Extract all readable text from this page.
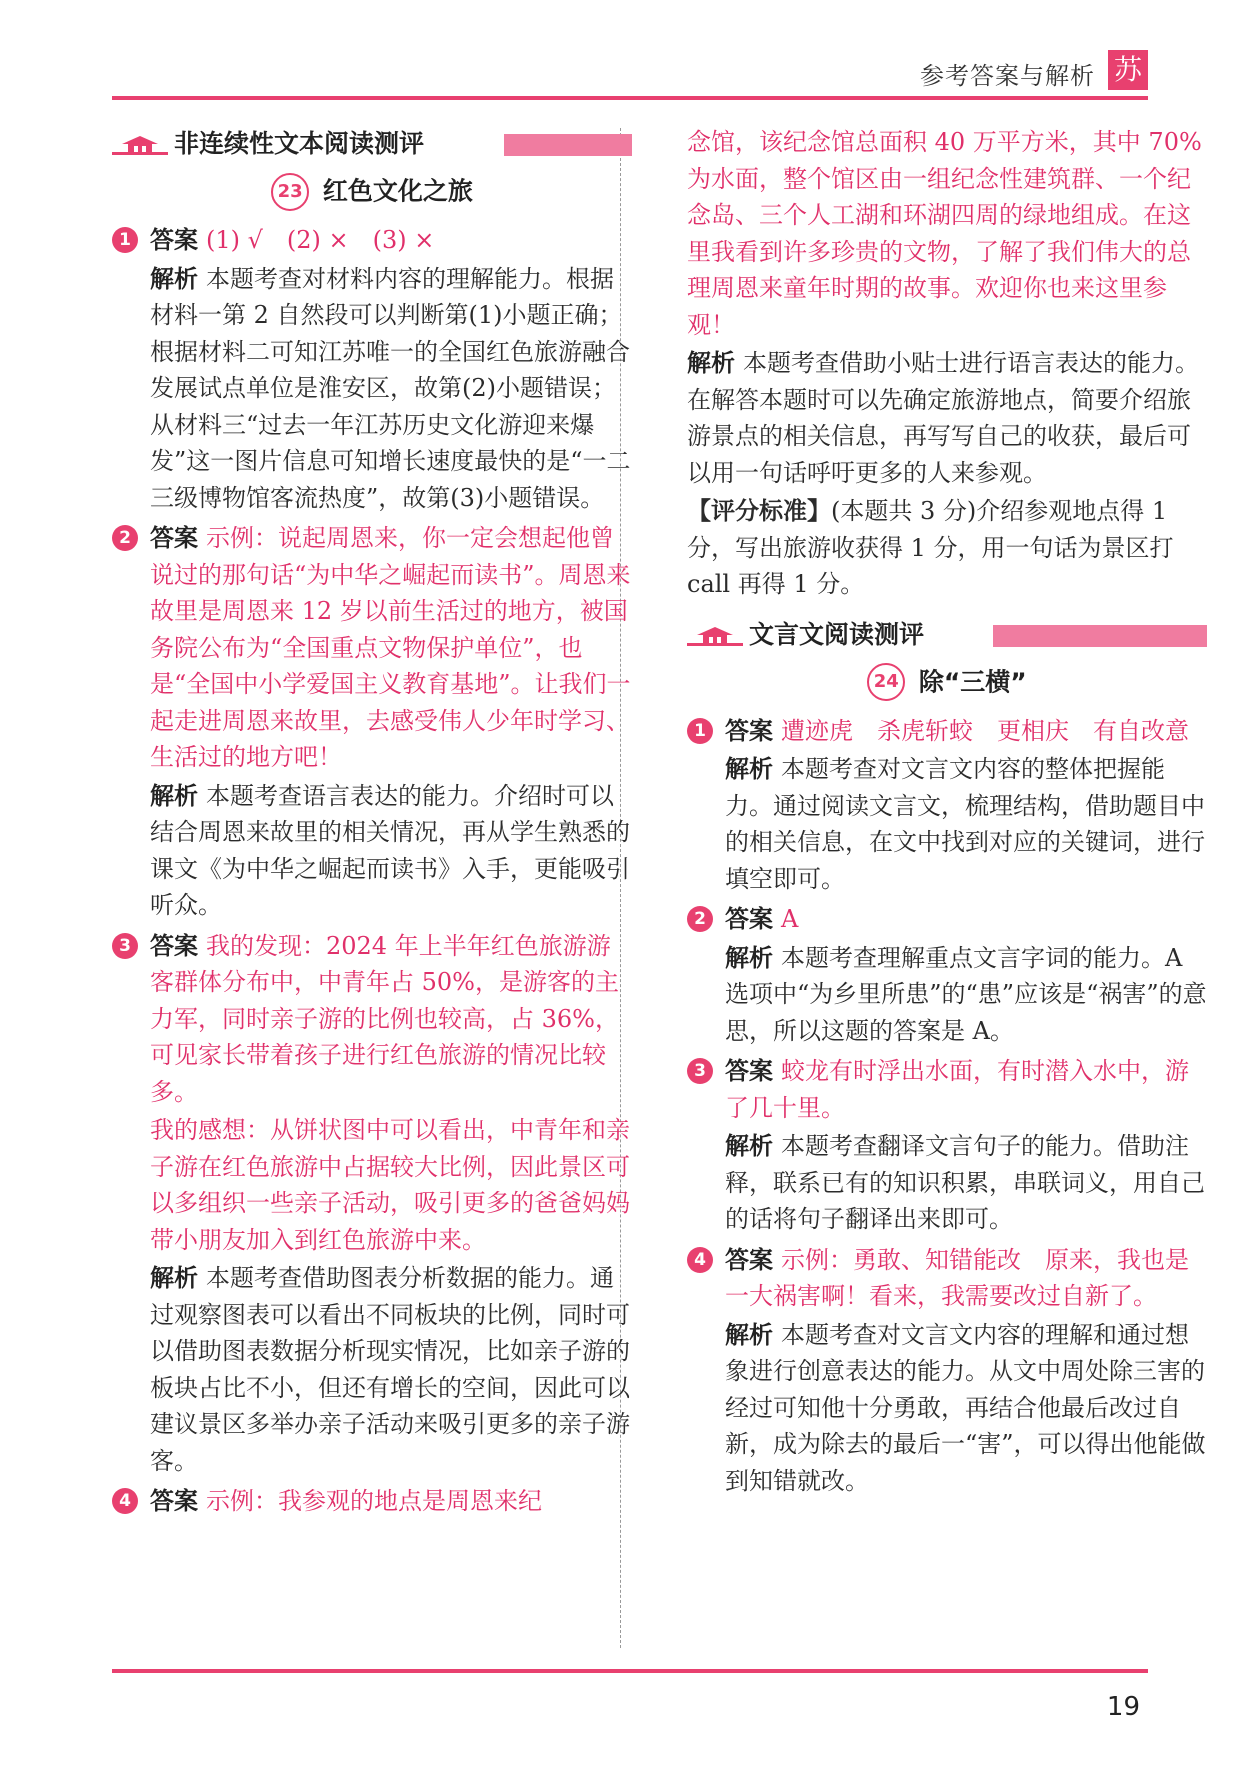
参考答案与解析 苏
非连续性文本阅读测评
23 红色文化之旅
1 答案 (1) √　(2) ×　(3) ×

解析 本题考查对材料内容的理解能力。根据材料一第 2 自然段可以判断第(1)小题正确；根据材料二可知江苏唯一的全国红色旅游融合发展试点单位是淮安区，故第(2)小题错误；从材料三“过去一年江苏历史文化游迎来爆发”这一图片信息可知增长速度最快的是“一二三级博物馆客流热度”，故第(3)小题错误。

2 答案 示例：说起周恩来，你一定会想起他曾说过的那句话“为中华之崛起而读书”。周恩来故里是周恩来 12 岁以前生活过的地方，被国务院公布为“全国重点文物保护单位”，也是“全国中小学爱国主义教育基地”。让我们一起走进周恩来故里，去感受伟人少年时学习、生活过的地方吧！

解析 本题考查语言表达的能力。介绍时可以结合周恩来故里的相关情况，再从学生熟悉的课文《为中华之崛起而读书》入手，更能吸引听众。

3 答案 我的发现：2024 年上半年红色旅游游客群体分布中，中青年占 50%，是游客的主力军，同时亲子游的比例也较高，占 36%，可见家长带着孩子进行红色旅游的情况比较多。

我的感想：从饼状图中可以看出，中青年和亲子游在红色旅游中占据较大比例，因此景区可以多组织一些亲子活动，吸引更多的爸爸妈妈带小朋友加入到红色旅游中来。

解析 本题考查借助图表分析数据的能力。通过观察图表可以看出不同板块的比例，同时可以借助图表数据分析现实情况，比如亲子游的板块占比不小，但还有增长的空间，因此可以建议景区多举办亲子活动来吸引更多的亲子游客。

4 答案 示例：我参观的地点是周恩来纪

念馆，该纪念馆总面积 40 万平方米，其中 70%为水面，整个馆区由一组纪念性建筑群、一个纪念岛、三个人工湖和环湖四周的绿地组成。在这里我看到许多珍贵的文物，了解了我们伟大的总理周恩来童年时期的故事。欢迎你也来这里参观！

解析 本题考查借助小贴士进行语言表达的能力。在解答本题时可以先确定旅游地点，简要介绍旅游景点的相关信息，再写写自己的收获，最后可以用一句话呼吁更多的人来参观。

【评分标准】(本题共 3 分)介绍参观地点得 1 分，写出旅游收获得 1 分，用一句话为景区打 call 再得 1 分。

文言文阅读测评
24 除“三横”
1 答案 遭迹虎　杀虎斩蛟　更相庆　有自改意

解析 本题考查对文言文内容的整体把握能力。通过阅读文言文，梳理结构，借助题目中的相关信息，在文中找到对应的关键词，进行填空即可。

2 答案 A

解析 本题考查理解重点文言字词的能力。A 选项中“为乡里所患”的“患”应该是“祸害”的意思，所以这题的答案是 A。

3 答案 蛟龙有时浮出水面，有时潜入水中，游了几十里。

解析 本题考查翻译文言句子的能力。借助注释，联系已有的知识积累，串联词义，用自己的话将句子翻译出来即可。

4 答案 示例：勇敢、知错能改　原来，我也是一大祸害啊！看来，我需要改过自新了。

解析 本题考查对文言文内容的理解和通过想象进行创意表达的能力。从文中周处除三害的经过可知他十分勇敢，再结合他最后改过自新，成为除去的最后一“害”，可以得出他能做到知错就改。

19
